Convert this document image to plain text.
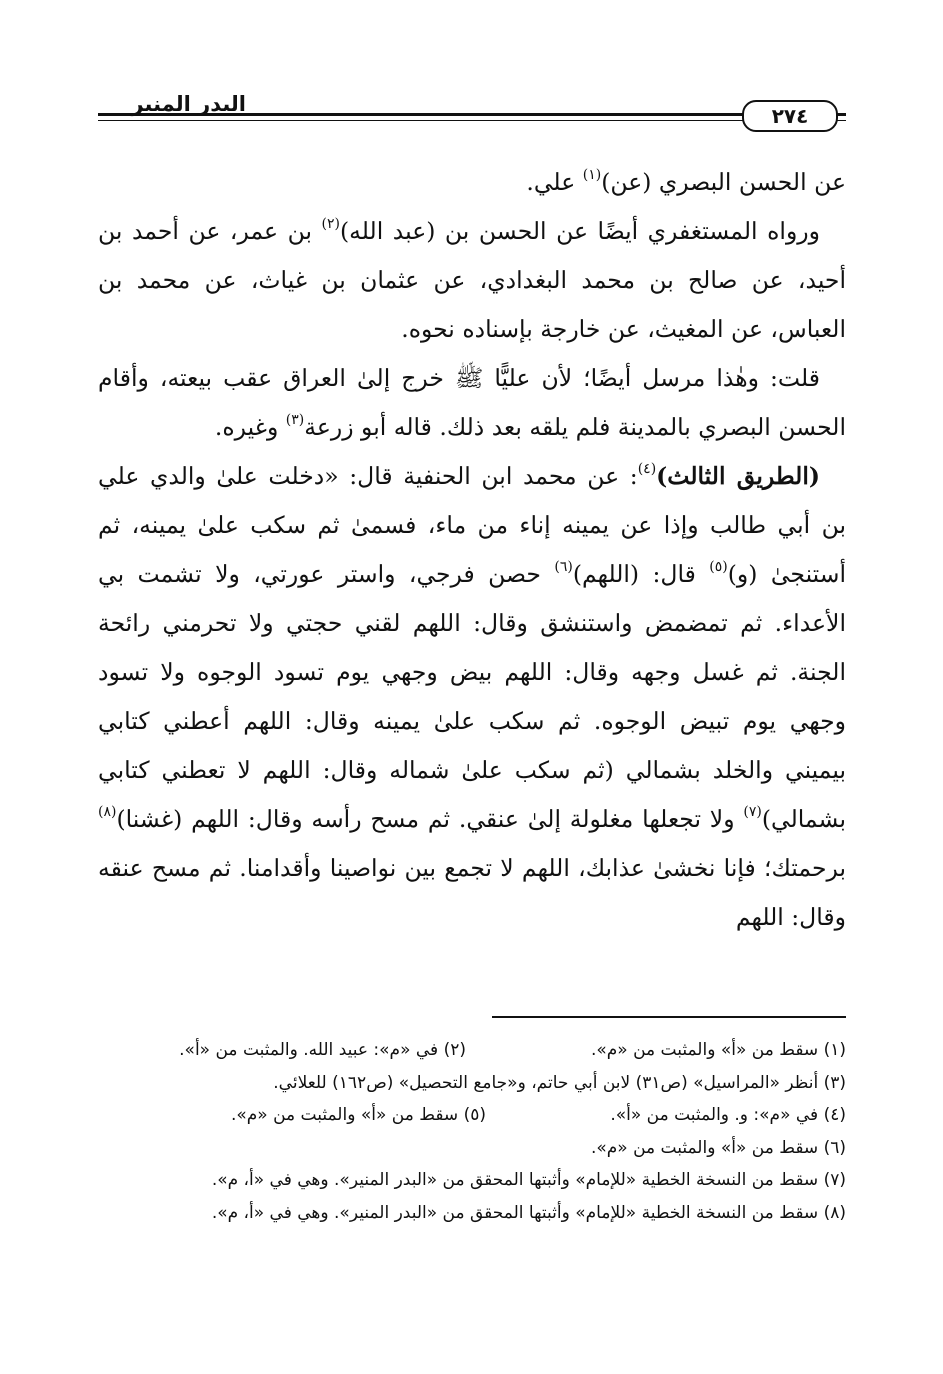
البدر المنير	٢٧٤

عن الحسن البصري (عن)$^{(١)}$ علي.

ورواه المستغفري أيضًا عن الحسن بن (عبد الله)$^{(٢)}$ بن عمر، عن أحمد بن أحيد، عن صالح بن محمد البغدادي، عن عثمان بن غياث، عن محمد بن العباس، عن المغيث، عن خارجة بإسناده نحوه.

قلت: وهٰذا مرسل أيضًا؛ لأن عليًّا ﷺ خرج إلىٰ العراق عقب بيعته، وأقام الحسن البصري بالمدينة فلم يلقه بعد ذلك. قاله أبو زرعة$^{(٣)}$ وغيره.

(الطريق الثالث)$^{(٤)}$: عن محمد ابن الحنفية قال: «دخلت علىٰ والدي علي بن أبي طالب وإذا عن يمينه إناء من ماء، فسمىٰ ثم سكب علىٰ يمينه، ثم أستنجىٰ (و)$^{(٥)}$ قال: (اللهم)$^{(٦)}$ حصن فرجي، واستر عورتي، ولا تشمت بي الأعداء. ثم تمضمض واستنشق وقال: اللهم لقني حجتي ولا تحرمني رائحة الجنة. ثم غسل وجهه وقال: اللهم بيض وجهي يوم تسود الوجوه ولا تسود وجهي يوم تبيض الوجوه. ثم سكب علىٰ يمينه وقال: اللهم أعطني كتابي بيميني والخلد بشمالي (ثم سكب علىٰ شماله وقال: اللهم لا تعطني كتابي بشمالي)$^{(٧)}$ ولا تجعلها مغلولة إلىٰ عنقي. ثم مسح رأسه وقال: اللهم (غشنا)$^{(٨)}$ برحمتك؛ فإنا نخشىٰ عذابك، اللهم لا تجمع بين نواصينا وأقدامنا. ثم مسح عنقه وقال: اللهم

(١) سقط من «أ» والمثبت من «م».
(٢) في «م»: عبيد الله. والمثبت من «أ».
(٣) أنظر «المراسيل» (ص٣١) لابن أبي حاتم، و«جامع التحصيل» (ص١٦٢) للعلائي.
(٤) في «م»: و. والمثبت من «أ».
(٥) سقط من «أ» والمثبت من «م».
(٦) سقط من «أ» والمثبت من «م».
(٧) سقط من النسخة الخطية «للإمام» وأثبتها المحقق من «البدر المنير». وهي في «أ، م».
(٨) سقط من النسخة الخطية «للإمام» وأثبتها المحقق من «البدر المنير». وهي في «أ، م».
